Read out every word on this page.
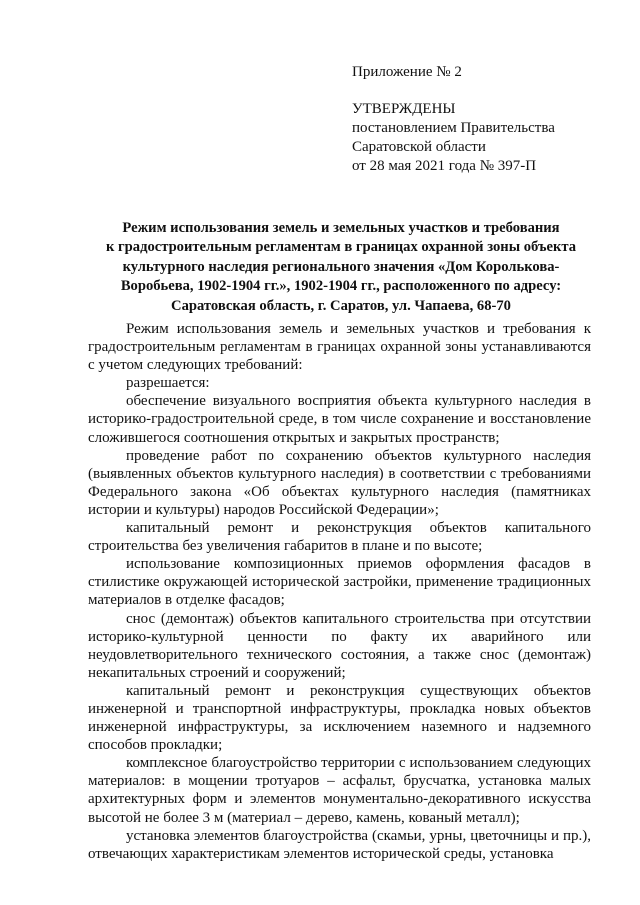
Приложение № 2
УТВЕРЖДЕНЫ
постановлением Правительства
Саратовской области
от 28 мая 2021 года № 397-П
Режим использования земель и земельных участков и требования
к градостроительным регламентам в границах охранной зоны объекта
культурного наследия регионального значения «Дом Королькова-
Воробьева, 1902-1904 гг.», 1902-1904 гг., расположенного по адресу:
Саратовская область, г. Саратов, ул. Чапаева, 68-70

Режим использования земель и земельных участков и требования к градостроительным регламентам в границах охранной зоны устанавливаются с учетом следующих требований:

разрешается:

обеспечение визуального восприятия объекта культурного наследия в историко-градостроительной среде, в том числе сохранение и восстановление сложившегося соотношения открытых и закрытых пространств;

проведение работ по сохранению объектов культурного наследия (выявленных объектов культурного наследия) в соответствии с требованиями Федерального закона «Об объектах культурного наследия (памятниках истории и культуры) народов Российской Федерации»;

капитальный ремонт и реконструкция объектов капитального строительства без увеличения габаритов в плане и по высоте;

использование композиционных приемов оформления фасадов в стилистике окружающей исторической застройки, применение традиционных материалов в отделке фасадов;

снос (демонтаж) объектов капитального строительства при отсутствии историко-культурной ценности по факту их аварийного или неудовлетворительного технического состояния, а также снос (демонтаж) некапитальных строений и сооружений;

капитальный ремонт и реконструкция существующих объектов инженерной и транспортной инфраструктуры, прокладка новых объектов инженерной инфраструктуры, за исключением наземного и надземного способов прокладки;

комплексное благоустройство территории с использованием следующих материалов: в мощении тротуаров – асфальт, брусчатка, установка малых архитектурных форм и элементов монументально-декоративного искусства высотой не более 3 м (материал – дерево, камень, кованый металл);

установка элементов благоустройства (скамьи, урны, цветочницы и пр.), отвечающих характеристикам элементов исторической среды, установка
